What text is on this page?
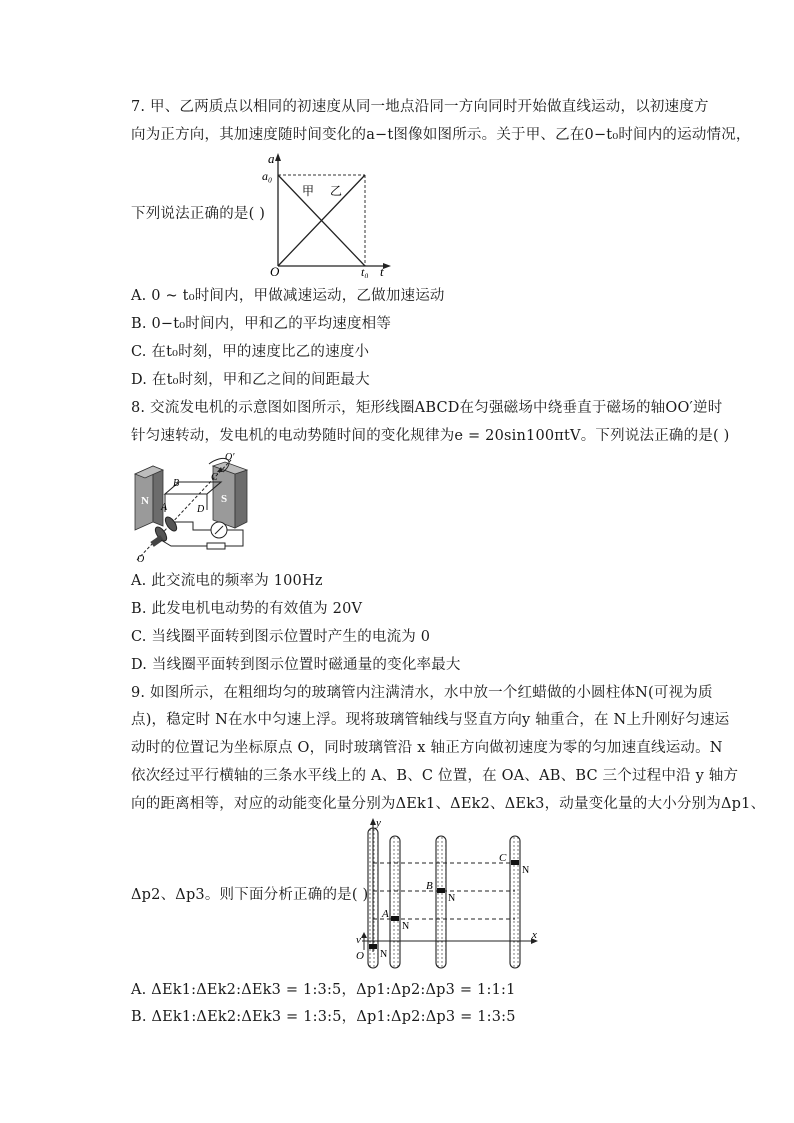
7. 甲、乙两质点以相同的初速度从同一地点沿同一方向同时开始做直线运动，以初速度方
向为正方向，其加速度随时间变化的a−t图像如图所示。关于甲、乙在0−t₀时间内的运动情况，
下列说法正确的是( )
a
a₀
O	t₀ t
甲 乙
A. 0 ~ t₀时间内，甲做减速运动，乙做加速运动
B. 0−t₀时间内，甲和乙的平均速度相等
C. 在t₀时刻，甲的速度比乙的速度小
D. 在t₀时刻，甲和乙之间的间距最大
8. 交流发电机的示意图如图所示，矩形线圈ABCD在匀强磁场中绕垂直于磁场的轴OO′逆时
针匀速转动，发电机的电动势随时间的变化规律为e = 20sin100πtV。下列说法正确的是( )
N	S
B
C
A	D
O′
O
A. 此交流电的频率为 100Hz
B. 此发电机电动势的有效值为 20V
C. 当线圈平面转到图示位置时产生的电流为 0
D. 当线圈平面转到图示位置时磁通量的变化率最大
9. 如图所示，在粗细均匀的玻璃管内注满清水，水中放一个红蜡做的小圆柱体N(可视为质
点)，稳定时 N在水中匀速上浮。现将玻璃管轴线与竖直方向y 轴重合，在 N上升刚好匀速运
动时的位置记为坐标原点 O，同时玻璃管沿 x 轴正方向做初速度为零的匀加速直线运动。N
依次经过平行横轴的三条水平线上的 A、B、C 位置，在 OA、AB、BC 三个过程中沿 y 轴方
向的距离相等，对应的动能变化量分别为ΔEk1、ΔEk2、ΔEk3，动量变化量的大小分别为Δp1、
Δp2、Δp3。则下面分析正确的是( )
y
x
v
O N
A
N
B
N
C
N
A. ΔEk1:ΔEk2:ΔEk3 = 1:3:5，Δp1:Δp2:Δp3 = 1:1:1
B. ΔEk1:ΔEk2:ΔEk3 = 1:3:5，Δp1:Δp2:Δp3 = 1:3:5
